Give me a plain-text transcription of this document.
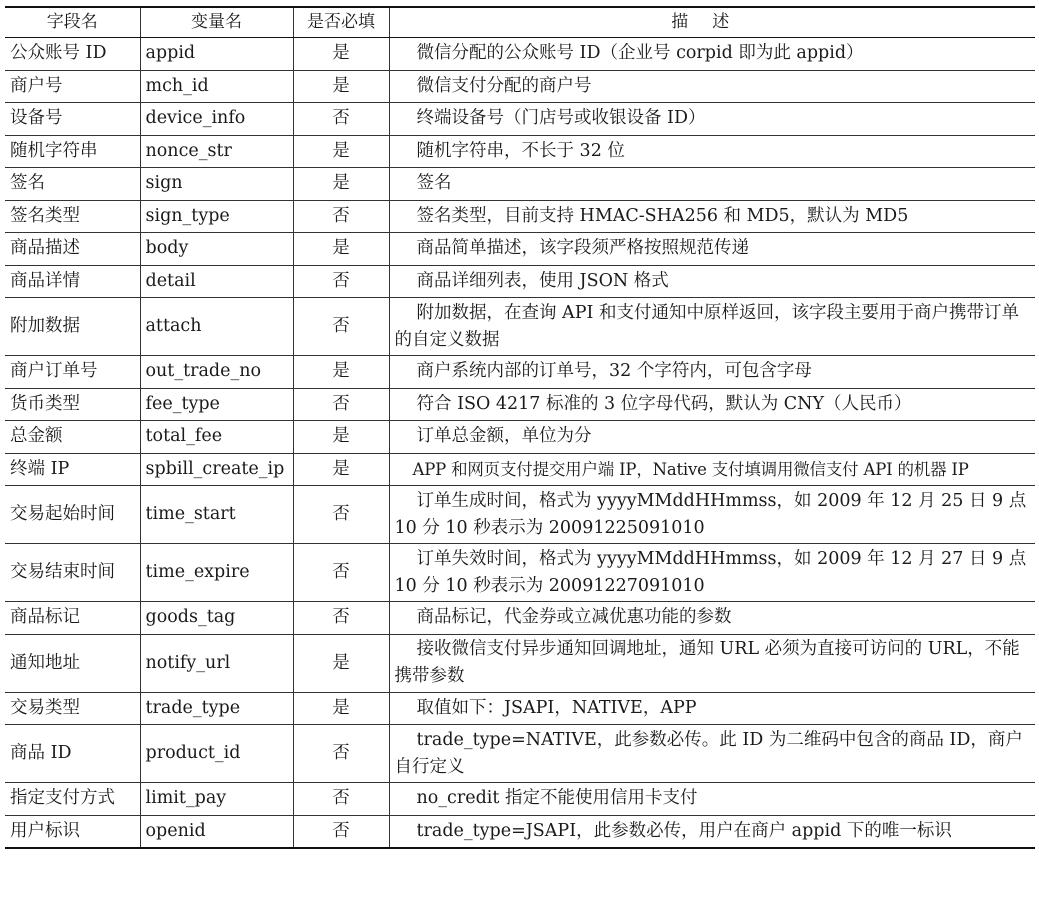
字段名	变量名	是否必填	描述
公众账号 ID	appid	是	微信分配的公众账号 ID（企业号 corpid 即为此 appid）
商户号	mch_id	是	微信支付分配的商户号
设备号	device_info	否	终端设备号（门店号或收银设备 ID）
随机字符串	nonce_str	是	随机字符串，不长于 32 位
签名	sign	是	签名
签名类型	sign_type	否	签名类型，目前支持 HMAC-SHA256 和 MD5，默认为 MD5
商品描述	body	是	商品简单描述，该字段须严格按照规范传递
商品详情	detail	否	商品详细列表，使用 JSON 格式
附加数据	attach	否	附加数据，在查询 API 和支付通知中原样返回，该字段主要用于商户携带订单的自定义数据
商户订单号	out_trade_no	是	商户系统内部的订单号，32 个字符内，可包含字母
货币类型	fee_type	否	符合 ISO 4217 标准的 3 位字母代码，默认为 CNY（人民币）
总金额	total_fee	是	订单总金额，单位为分
终端 IP	spbill_create_ip	是	APP 和网页支付提交用户端 IP，Native 支付填调用微信支付 API 的机器 IP
交易起始时间	time_start	否	订单生成时间，格式为 yyyyMMddHHmmss，如 2009 年 12 月 25 日 9 点 10 分 10 秒表示为 20091225091010
交易结束时间	time_expire	否	订单失效时间，格式为 yyyyMMddHHmmss，如 2009 年 12 月 27 日 9 点 10 分 10 秒表示为 20091227091010
商品标记	goods_tag	否	商品标记，代金券或立减优惠功能的参数
通知地址	notify_url	是	接收微信支付异步通知回调地址，通知 URL 必须为直接可访问的 URL，不能携带参数
交易类型	trade_type	是	取值如下：JSAPI，NATIVE，APP
商品 ID	product_id	否	trade_type=NATIVE，此参数必传。此 ID 为二维码中包含的商品 ID，商户自行定义
指定支付方式	limit_pay	否	no_credit 指定不能使用信用卡支付
用户标识	openid	否	trade_type=JSAPI，此参数必传，用户在商户 appid 下的唯一标识
